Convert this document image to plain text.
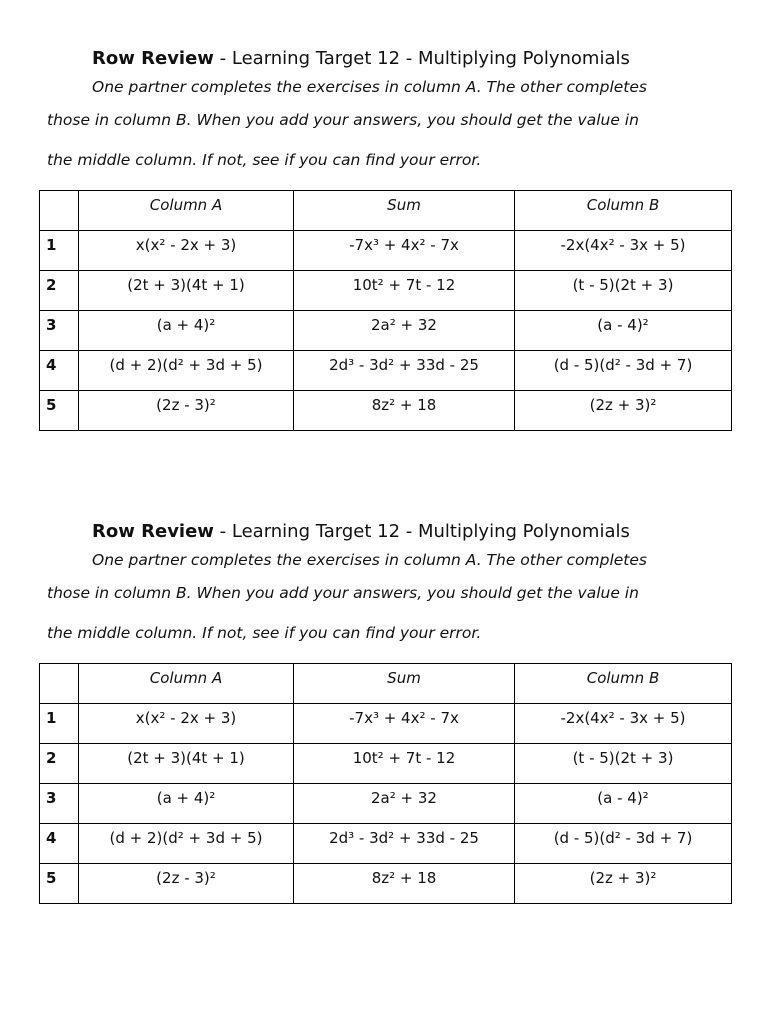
Row Review - Learning Target 12 - Multiplying Polynomials
One partner completes the exercises in column A. The other completes
those in column B. When you add your answers, you should get the value in
the middle column. If not, see if you can find your error.

	Column A	Sum	Column B

1	x(x² - 2x + 3)	-7x³ + 4x² - 7x	-2x(4x² - 3x + 5)

2	(2t + 3)(4t + 1)	10t² + 7t - 12	(t - 5)(2t + 3)

3	(a + 4)²	2a² + 32	(a - 4)²

4	(d + 2)(d² + 3d + 5)	2d³ - 3d² + 33d - 25	(d - 5)(d² - 3d + 7)

5	(2z - 3)²	8z² + 18	(2z + 3)²
Row Review - Learning Target 12 - Multiplying Polynomials
One partner completes the exercises in column A. The other completes
those in column B. When you add your answers, you should get the value in
the middle column. If not, see if you can find your error.

	Column A	Sum	Column B

1	x(x² - 2x + 3)	-7x³ + 4x² - 7x	-2x(4x² - 3x + 5)

2	(2t + 3)(4t + 1)	10t² + 7t - 12	(t - 5)(2t + 3)

3	(a + 4)²	2a² + 32	(a - 4)²

4	(d + 2)(d² + 3d + 5)	2d³ - 3d² + 33d - 25	(d - 5)(d² - 3d + 7)

5	(2z - 3)²	8z² + 18	(2z + 3)²
